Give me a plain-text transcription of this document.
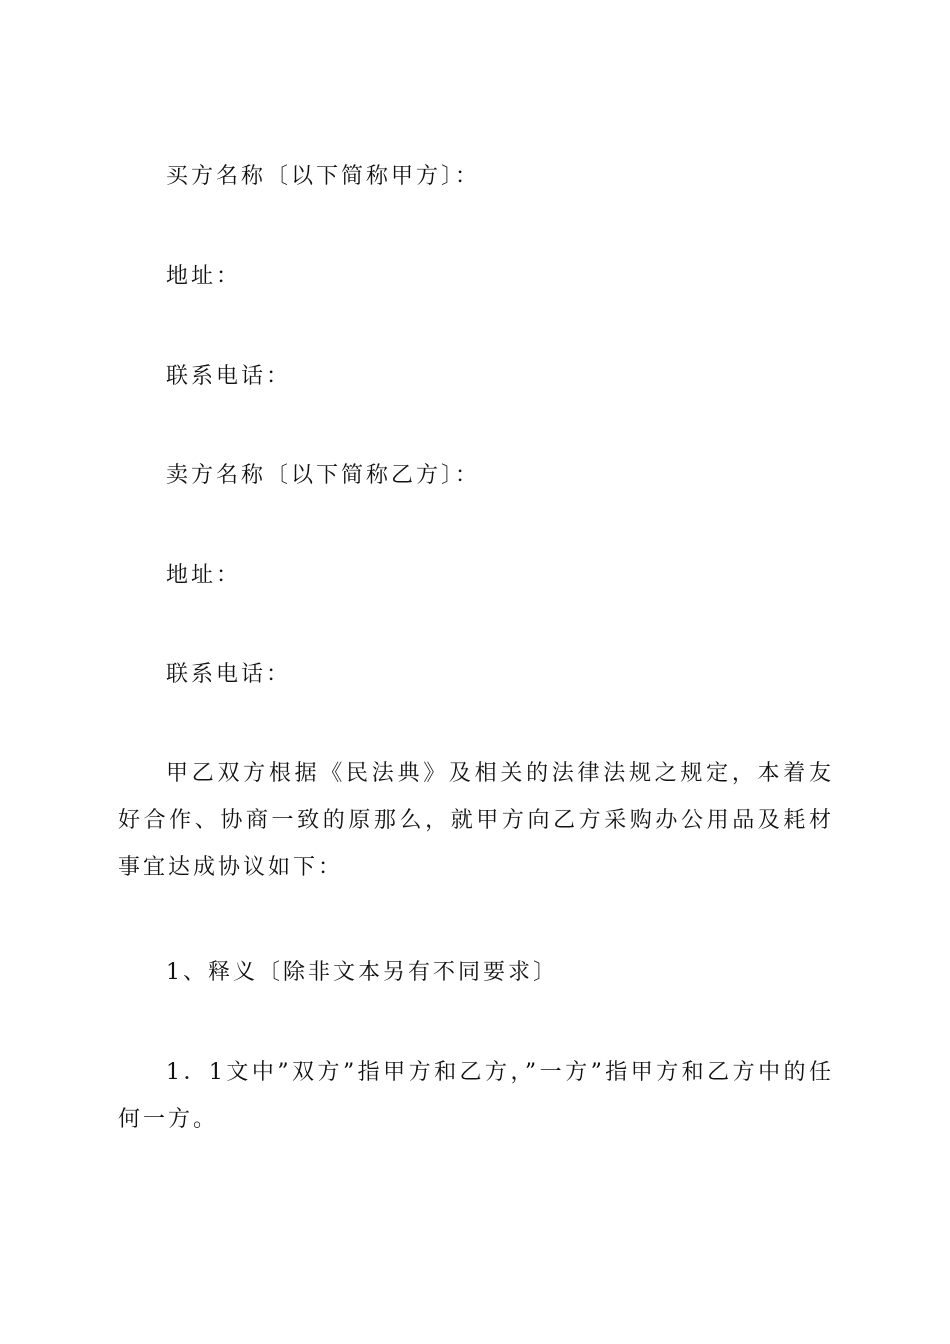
买方名称〔以下简称甲方〕：
地址：
联系电话：
卖方名称〔以下简称乙方〕：
地址：
联系电话：
甲乙双方根据《民法典》及相关的法律法规之规定，本着友好合作、协商一致的原那么，就甲方向乙方采购办公用品及耗材事宜达成协议如下：
1、释义〔除非文本另有不同要求〕
1．1文中”双方”指甲方和乙方，”一方”指甲方和乙方中的任何一方。
